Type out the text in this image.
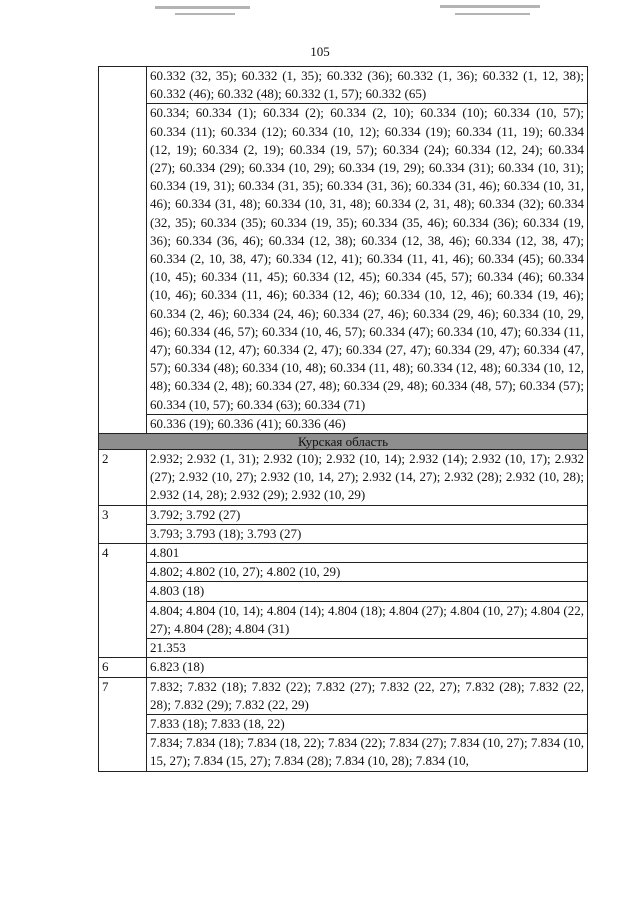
105
	60.332 (32, 35); 60.332 (1, 35); 60.332 (36); 60.332 (1, 36); 60.332 (1, 12, 38); 60.332 (46); 60.332 (48); 60.332 (1, 57); 60.332 (65)
	60.334; 60.334 (1); 60.334 (2); 60.334 (2, 10); 60.334 (10); 60.334 (10, 57); 60.334 (11); 60.334 (12); 60.334 (10, 12); 60.334 (19); 60.334 (11, 19); 60.334 (12, 19); 60.334 (2, 19); 60.334 (19, 57); 60.334 (24); 60.334 (12, 24); 60.334 (27); 60.334 (29); 60.334 (10, 29); 60.334 (19, 29); 60.334 (31); 60.334 (10, 31); 60.334 (19, 31); 60.334 (31, 35); 60.334 (31, 36); 60.334 (31, 46); 60.334 (10, 31, 46); 60.334 (31, 48); 60.334 (10, 31, 48); 60.334 (2, 31, 48); 60.334 (32); 60.334 (32, 35); 60.334 (35); 60.334 (19, 35); 60.334 (35, 46); 60.334 (36); 60.334 (19, 36); 60.334 (36, 46); 60.334 (12, 38); 60.334 (12, 38, 46); 60.334 (12, 38, 47); 60.334 (2, 10, 38, 47); 60.334 (12, 41); 60.334 (11, 41, 46); 60.334 (45); 60.334 (10, 45); 60.334 (11, 45); 60.334 (12, 45); 60.334 (45, 57); 60.334 (46); 60.334 (10, 46); 60.334 (11, 46); 60.334 (12, 46); 60.334 (10, 12, 46); 60.334 (19, 46); 60.334 (2, 46); 60.334 (24, 46); 60.334 (27, 46); 60.334 (29, 46); 60.334 (10, 29, 46); 60.334 (46, 57); 60.334 (10, 46, 57); 60.334 (47); 60.334 (10, 47); 60.334 (11, 47); 60.334 (12, 47); 60.334 (2, 47); 60.334 (27, 47); 60.334 (29, 47); 60.334 (47, 57); 60.334 (48); 60.334 (10, 48); 60.334 (11, 48); 60.334 (12, 48); 60.334 (10, 12, 48); 60.334 (2, 48); 60.334 (27, 48); 60.334 (29, 48); 60.334 (48, 57); 60.334 (57); 60.334 (10, 57); 60.334 (63); 60.334 (71)
	60.336 (19); 60.336 (41); 60.336 (46)
Курская область	
2	2.932; 2.932 (1, 31); 2.932 (10); 2.932 (10, 14); 2.932 (14); 2.932 (10, 17); 2.932 (27); 2.932 (10, 27); 2.932 (10, 14, 27); 2.932 (14, 27); 2.932 (28); 2.932 (10, 28); 2.932 (14, 28); 2.932 (29); 2.932 (10, 29)
3	3.792; 3.792 (27)
	3.793; 3.793 (18); 3.793 (27)
4	4.801
	4.802; 4.802 (10, 27); 4.802 (10, 29)
	4.803 (18)
	4.804; 4.804 (10, 14); 4.804 (14); 4.804 (18); 4.804 (27); 4.804 (10, 27); 4.804 (22, 27); 4.804 (28); 4.804 (31)
	21.353
6	6.823 (18)
7	7.832; 7.832 (18); 7.832 (22); 7.832 (27); 7.832 (22, 27); 7.832 (28); 7.832 (22, 28); 7.832 (29); 7.832 (22, 29)
	7.833 (18); 7.833 (18, 22)
	7.834; 7.834 (18); 7.834 (18, 22); 7.834 (22); 7.834 (27); 7.834 (10, 27); 7.834 (10, 15, 27); 7.834 (15, 27); 7.834 (28); 7.834 (10, 28); 7.834 (10,
